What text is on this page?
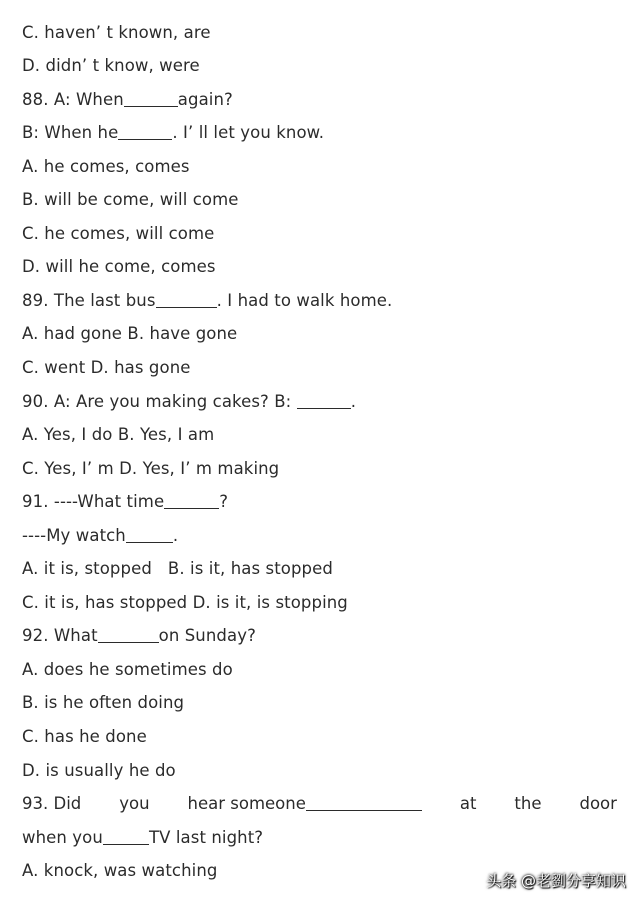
C. haven’ t known, are
D. didn’ t know, were
88. A: When	again?
B: When he	. I’ ll let you know.
A. he comes, comes
B. will be come, will come
C. he comes, will come
D. will he come, comes
89. The last bus	. I had to walk home.
A. had gone B. have gone
C. went D. has gone
90. A: Are you making cakes? B:	.
A. Yes, I do B. Yes, I am
C. Yes, I’ m D. Yes, I’ m making
91. ----What time	?
----My watch	.
A. it is, stopped   B. is it, has stopped
C. it is, has stopped D. is it, is stopping
92. What	on Sunday?
A. does he sometimes do
B. is he often doing
C. has he done
D. is usually he do
93. Did you hear someone	at the door
when you	TV last night?
A. knock, was watching
头条 @老劉分享知识
